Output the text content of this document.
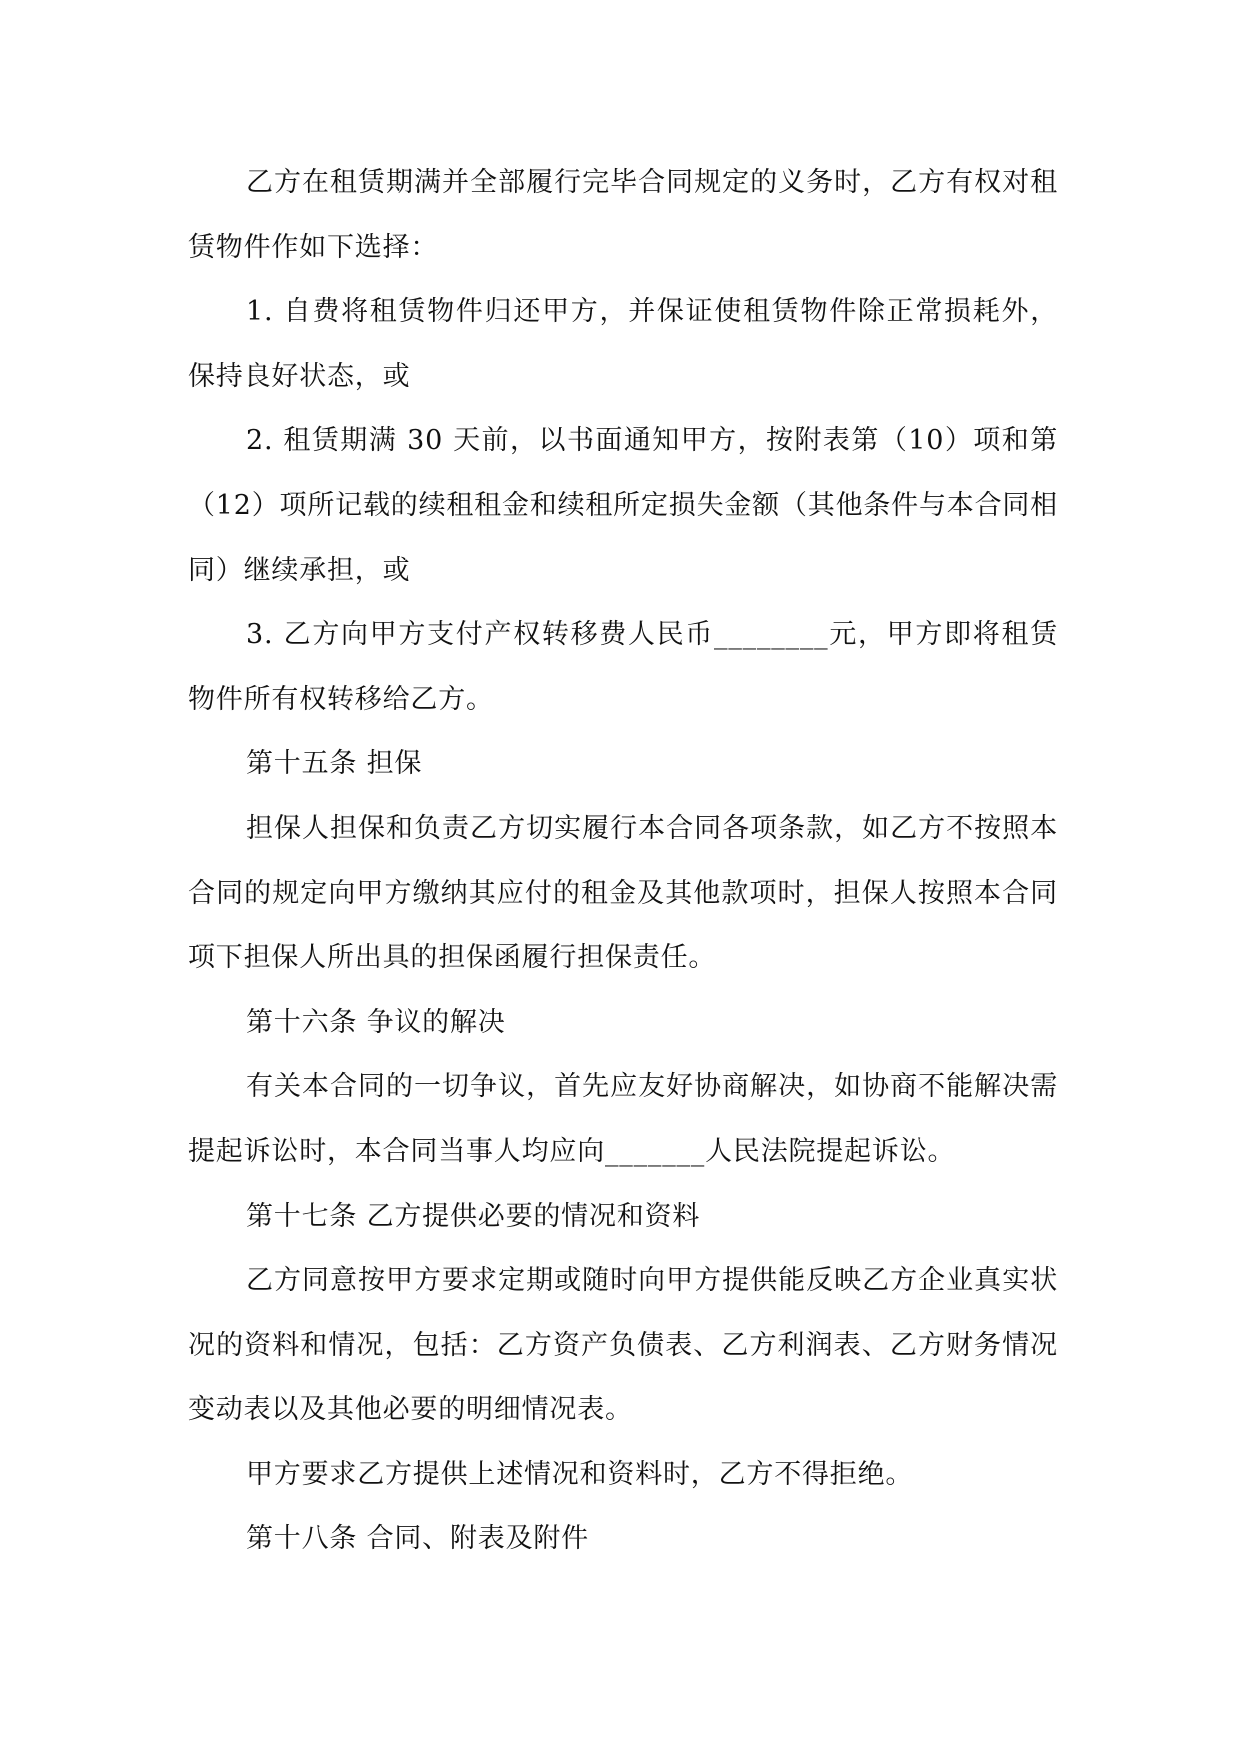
乙方在租赁期满并全部履行完毕合同规定的义务时，乙方有权对租赁物件作如下选择：

1. 自费将租赁物件归还甲方，并保证使租赁物件除正常损耗外，保持良好状态，或

2. 租赁期满 30 天前，以书面通知甲方，按附表第（10）项和第（12）项所记载的续租租金和续租所定损失金额（其他条件与本合同相同）继续承担，或

3. 乙方向甲方支付产权转移费人民币________元，甲方即将租赁物件所有权转移给乙方。

第十五条 担保

担保人担保和负责乙方切实履行本合同各项条款，如乙方不按照本合同的规定向甲方缴纳其应付的租金及其他款项时，担保人按照本合同项下担保人所出具的担保函履行担保责任。

第十六条 争议的解决

有关本合同的一切争议，首先应友好协商解决，如协商不能解决需提起诉讼时，本合同当事人均应向_______人民法院提起诉讼。

第十七条 乙方提供必要的情况和资料

乙方同意按甲方要求定期或随时向甲方提供能反映乙方企业真实状况的资料和情况，包括：乙方资产负债表、乙方利润表、乙方财务情况变动表以及其他必要的明细情况表。

甲方要求乙方提供上述情况和资料时，乙方不得拒绝。

第十八条 合同、附表及附件
